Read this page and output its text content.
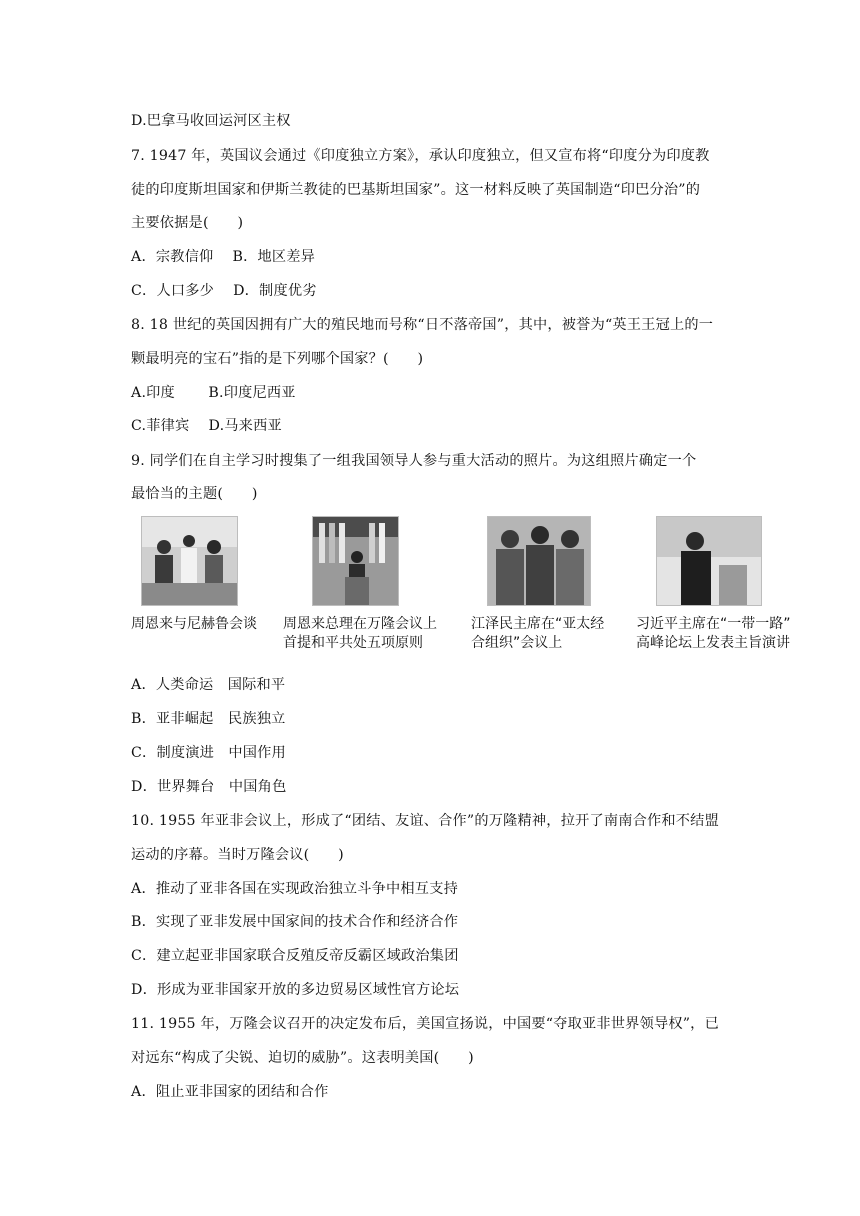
D.巴拿马收回运河区主权
7. 1947 年，英国议会通过《印度独立方案》，承认印度独立，但又宣布将“印度分为印度教
徒的印度斯坦国家和伊斯兰教徒的巴基斯坦国家”。这一材料反映了英国制造“印巴分治”的
主要依据是(　　)
A．宗教信仰　 B．地区差异
C．人口多少　 D．制度优劣
8. 18 世纪的英国因拥有广大的殖民地而号称“日不落帝国”，其中，被誉为“英王王冠上的一
颗最明亮的宝石”指的是下列哪个国家？(　　)
A.印度　　 B.印度尼西亚
C.菲律宾　 D.马来西亚
9. 同学们在自主学习时搜集了一组我国领导人参与重大活动的照片。为这组照片确定一个
最恰当的主题(　　)
周恩来与尼赫鲁会谈 周恩来总理在万隆会议上
首提和平共处五项原则
江泽民主席在“亚太经
合组织”会议上
习近平主席在“一带一路”
高峰论坛上发表主旨演讲
A．人类命运　国际和平
B．亚非崛起　民族独立
C．制度演进　中国作用
D．世界舞台　中国角色
10. 1955 年亚非会议上，形成了“团结、友谊、合作”的万隆精神，拉开了南南合作和不结盟
运动的序幕。当时万隆会议(　　)
A．推动了亚非各国在实现政治独立斗争中相互支持
B．实现了亚非发展中国家间的技术合作和经济合作
C．建立起亚非国家联合反殖反帝反霸区域政治集团
D．形成为亚非国家开放的多边贸易区域性官方论坛
11. 1955 年，万隆会议召开的决定发布后，美国宣扬说，中国要“夺取亚非世界领导权”，已
对远东“构成了尖锐、迫切的威胁”。这表明美国(　　)
A．阻止亚非国家的团结和合作
